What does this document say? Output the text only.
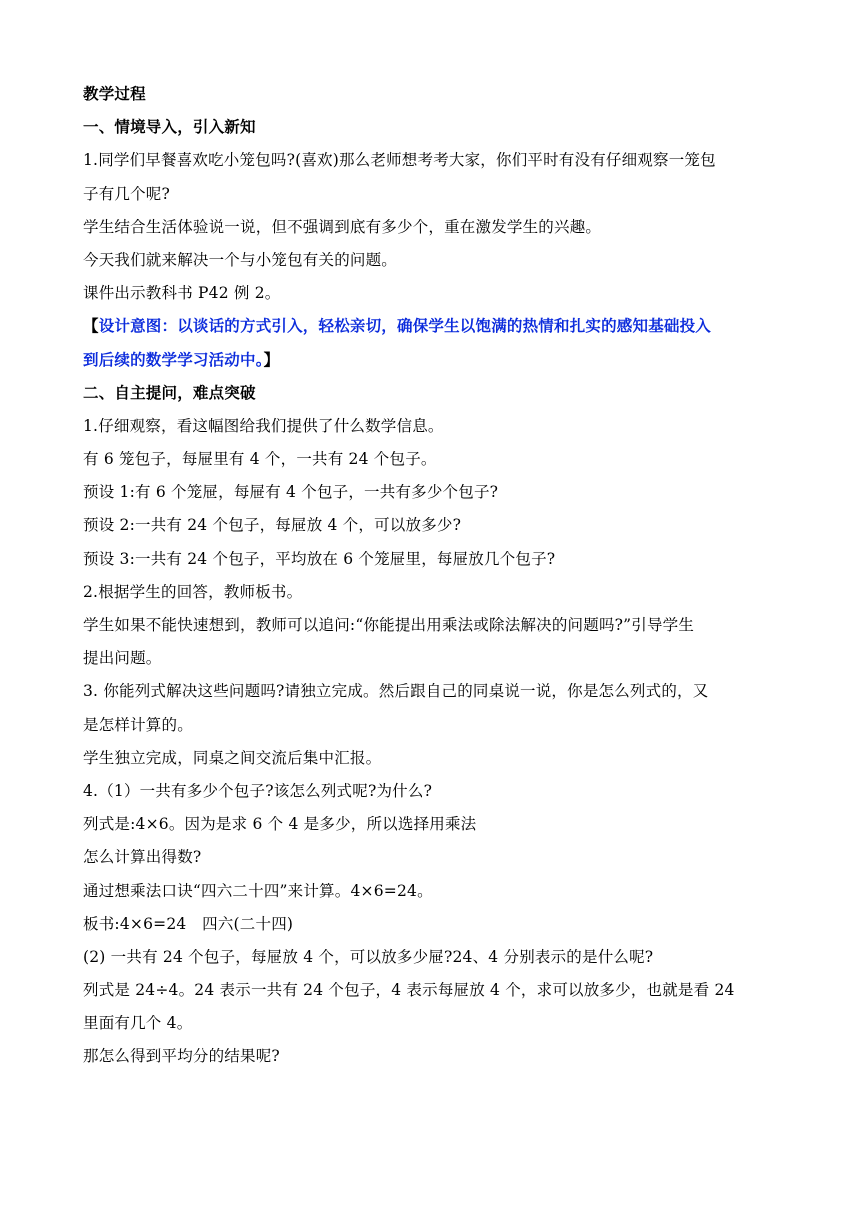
教学过程
一、情境导入，引入新知
1.同学们早餐喜欢吃小笼包吗?(喜欢)那么老师想考考大家，你们平时有没有仔细观察一笼包
子有几个呢?
学生结合生活体验说一说，但不强调到底有多少个，重在激发学生的兴趣。
今天我们就来解决一个与小笼包有关的问题。
课件出示教科书 P42 例 2。
【设计意图：以谈话的方式引入，轻松亲切，确保学生以饱满的热情和扎实的感知基础投入
到后续的数学学习活动中。】
二、自主提问，难点突破
1.仔细观察，看这幅图给我们提供了什么数学信息。
有 6 笼包子，每屉里有 4 个，一共有 24 个包子。
预设 1:有 6 个笼屉，每屉有 4 个包子，一共有多少个包子?
预设 2:一共有 24 个包子，每屉放 4 个，可以放多少?
预设 3:一共有 24 个包子，平均放在 6 个笼屉里，每屉放几个包子?
2.根据学生的回答，教师板书。
学生如果不能快速想到，教师可以追问:“你能提出用乘法或除法解决的问题吗?”引导学生
提出问题。
3. 你能列式解决这些问题吗?请独立完成。然后跟自己的同桌说一说，你是怎么列式的，又
是怎样计算的。
学生独立完成，同桌之间交流后集中汇报。
4.（1）一共有多少个包子?该怎么列式呢?为什么?
列式是:4×6。因为是求 6 个 4 是多少，所以选择用乘法
怎么计算出得数?
通过想乘法口诀“四六二十四”来计算。4×6=24。
板书:4×6=24　四六(二十四)
(2) 一共有 24 个包子，每屉放 4 个，可以放多少屉?24、4 分别表示的是什么呢?
列式是 24÷4。24 表示一共有 24 个包子，4 表示每屉放 4 个，求可以放多少，也就是看 24
里面有几个 4。
那怎么得到平均分的结果呢?
